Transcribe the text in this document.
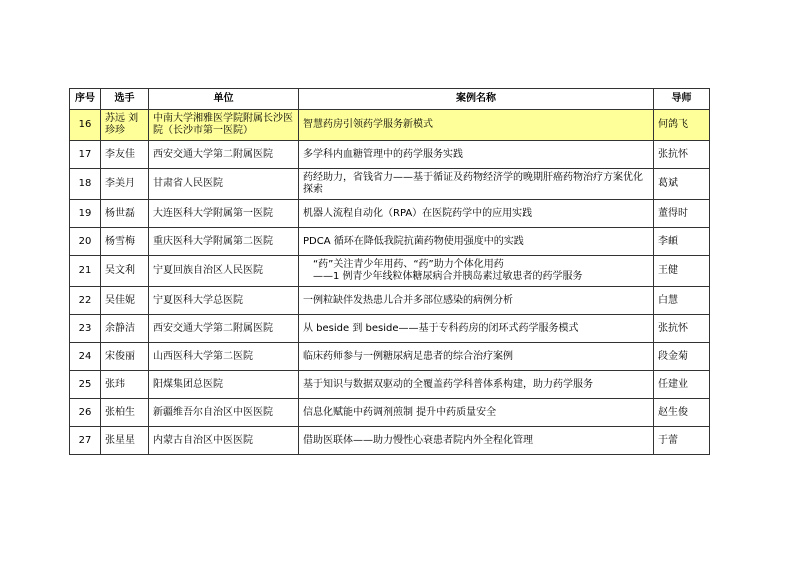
序号	选手	单位	案例名称	导师
16	苏远 刘珍珍	中南大学湘雅医学院附属长沙医院（长沙市第一医院）	智慧药房引领药学服务新模式	何鸽飞
17	李友佳	西安交通大学第二附属医院	多学科内血糖管理中的药学服务实践	张抗怀
18	李美月	甘肃省人民医院	药经助力，省钱省力——基于循证及药物经济学的晚期肝癌药物治疗方案优化探索	葛斌
19	杨世磊	大连医科大学附属第一医院	机器人流程自动化（RPA）在医院药学中的应用实践	董得时
20	杨雪梅	重庆医科大学附属第二医院	PDCA 循环在降低我院抗菌药物使用强度中的实践	李頔
21	吴文利	宁夏回族自治区人民医院	“药”关注青少年用药、“药”助力个体化用药
——1 例青少年线粒体糖尿病合并胰岛素过敏患者的药学服务	王健
22	吴佳妮	宁夏医科大学总医院	一例粒缺伴发热患儿合并多部位感染的病例分析	白慧
23	余静洁	西安交通大学第二附属医院	从 beside 到 beside——基于专科药房的闭环式药学服务模式	张抗怀
24	宋俊丽	山西医科大学第二医院	临床药师参与一例糖尿病足患者的综合治疗案例	段金菊
25	张玮	阳煤集团总医院	基于知识与数据双驱动的全覆盖药学科普体系构建，助力药学服务	任建业
26	张柏生	新疆维吾尔自治区中医医院	信息化赋能中药调剂煎制 提升中药质量安全	赵生俊
27	张星星	内蒙古自治区中医医院	借助医联体——助力慢性心衰患者院内外全程化管理	于蕾
